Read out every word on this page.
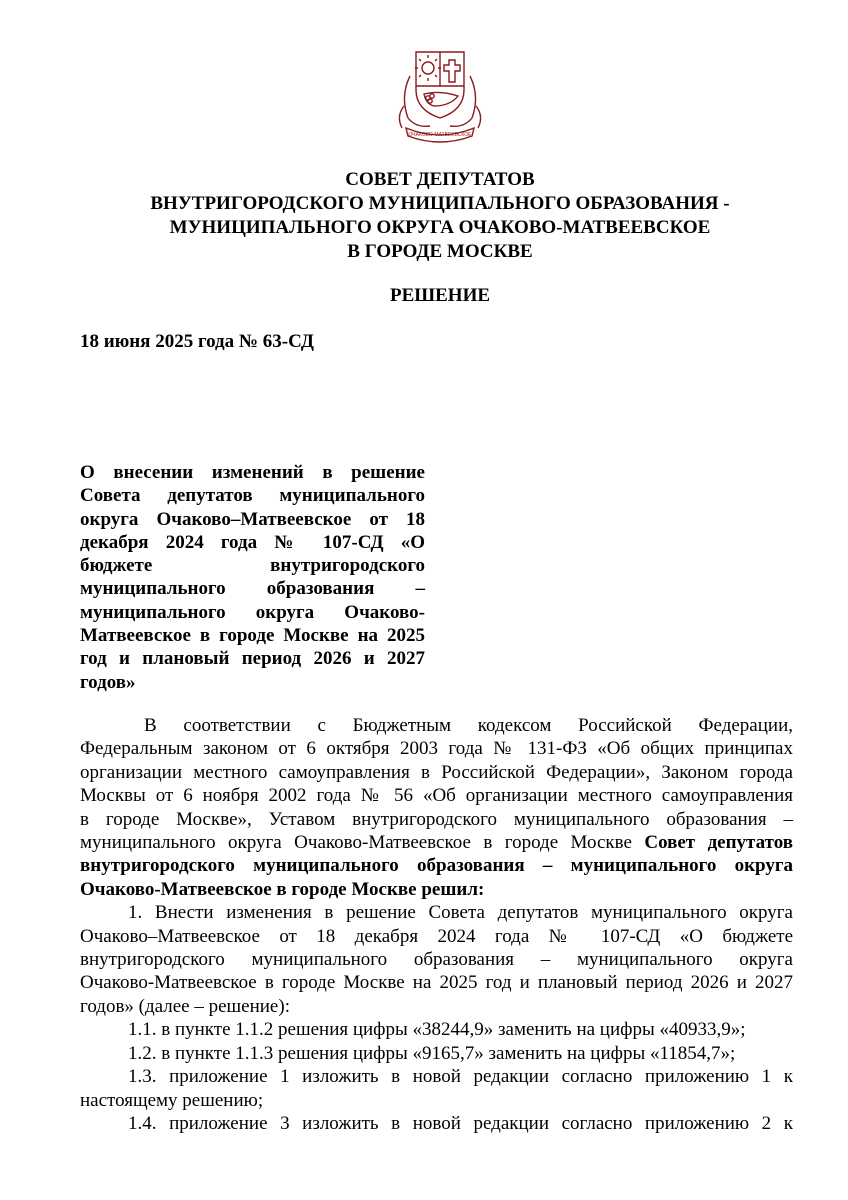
ОЧАКОВО-МАТВЕЕВСКОЕ
СОВЕТ ДЕПУТАТОВ
ВНУТРИГОРОДСКОГО МУНИЦИПАЛЬНОГО ОБРАЗОВАНИЯ -
МУНИЦИПАЛЬНОГО ОКРУГА ОЧАКОВО-МАТВЕЕВСКОЕ
В ГОРОДЕ МОСКВЕ
РЕШЕНИЕ
18 июня 2025 года № 63-СД
О внесении изменений в решение
Совета депутатов муниципального
округа Очаково–Матвеевское от 18
декабря 2024 года № 107-СД «О
бюджете внутригородского
муниципального образования –
муниципального округа Очаково-
Матвеевское в городе Москве на 2025
год и плановый период 2026 и 2027
годов»
В соответствии с Бюджетным кодексом Российской Федерации,
Федеральным законом от 6 октября 2003 года № 131-ФЗ «Об общих принципах
организации местного самоуправления в Российской Федерации», Законом города
Москвы от 6 ноября 2002 года № 56 «Об организации местного самоуправления
в городе Москве», Уставом внутригородского муниципального образования –
муниципального округа Очаково-Матвеевское в городе Москве Совет депутатов
внутригородского муниципального образования – муниципального округа
Очаково-Матвеевское в городе Москве решил:
1. Внести изменения в решение Совета депутатов муниципального округа
Очаково–Матвеевское от 18 декабря 2024 года № 107-СД «О бюджете
внутригородского муниципального образования – муниципального округа
Очаково-Матвеевское в городе Москве на 2025 год и плановый период 2026 и 2027
годов» (далее – решение):
1.1. в пункте 1.1.2 решения цифры «38244,9» заменить на цифры «40933,9»;
1.2. в пункте 1.1.3 решения цифры «9165,7» заменить на цифры «11854,7»;
1.3. приложение 1 изложить в новой редакции согласно приложению 1 к
настоящему решению;
1.4. приложение 3 изложить в новой редакции согласно приложению 2 к
